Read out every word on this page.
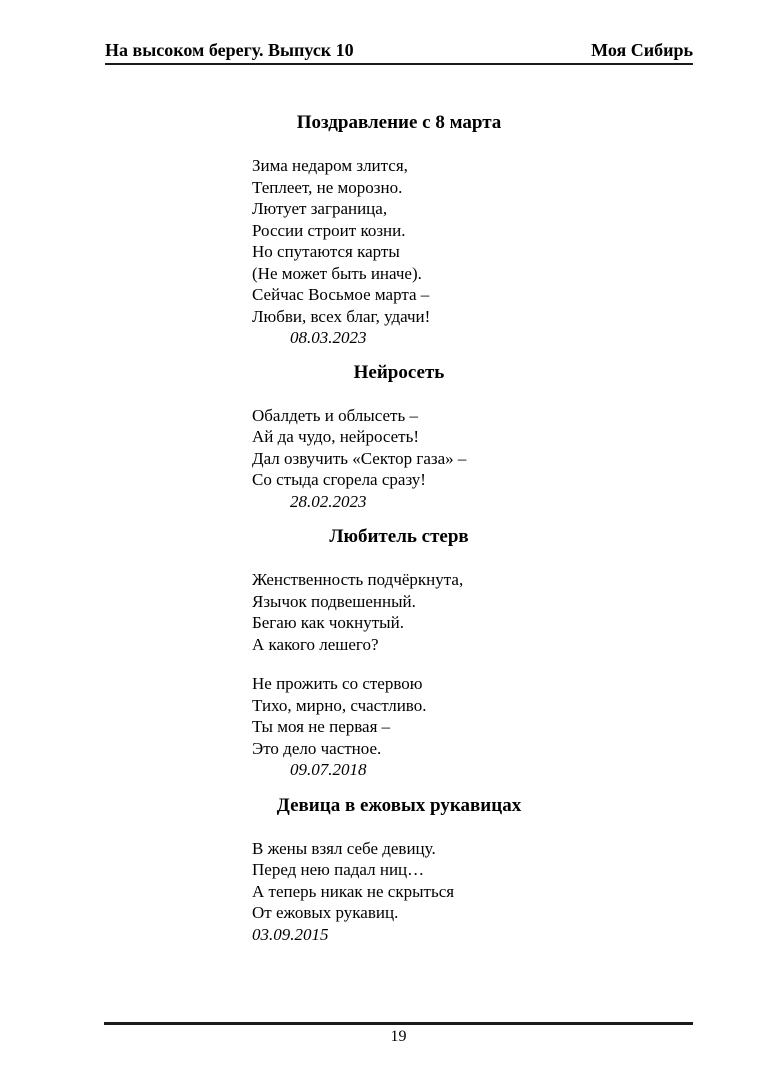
На высоком берегу. Выпуск 10	Моя Сибирь
Поздравление с 8 марта
Зима недаром злится,
Теплеет, не морозно.
Лютует заграница,
России строит козни.
Но спутаются карты
(Не может быть иначе).
Сейчас Восьмое марта –
Любви, всех благ, удачи!
08.03.2023
Нейросеть
Обалдеть и облысеть –
Ай да чудо, нейросеть!
Дал озвучить «Сектор газа» –
Со стыда сгорела сразу!
28.02.2023
Любитель стерв
Женственность подчёркнута,
Язычок подвешенный.
Бегаю как чокнутый.
А какого лешего?
Не прожить со стервою
Тихо, мирно, счастливо.
Ты моя не первая –
Это дело частное.
09.07.2018
Девица в ежовых рукавицах
В жены взял себе девицу.
Перед нею падал ниц…
А теперь никак не скрыться
От ежовых рукавиц.
03.09.2015
19
